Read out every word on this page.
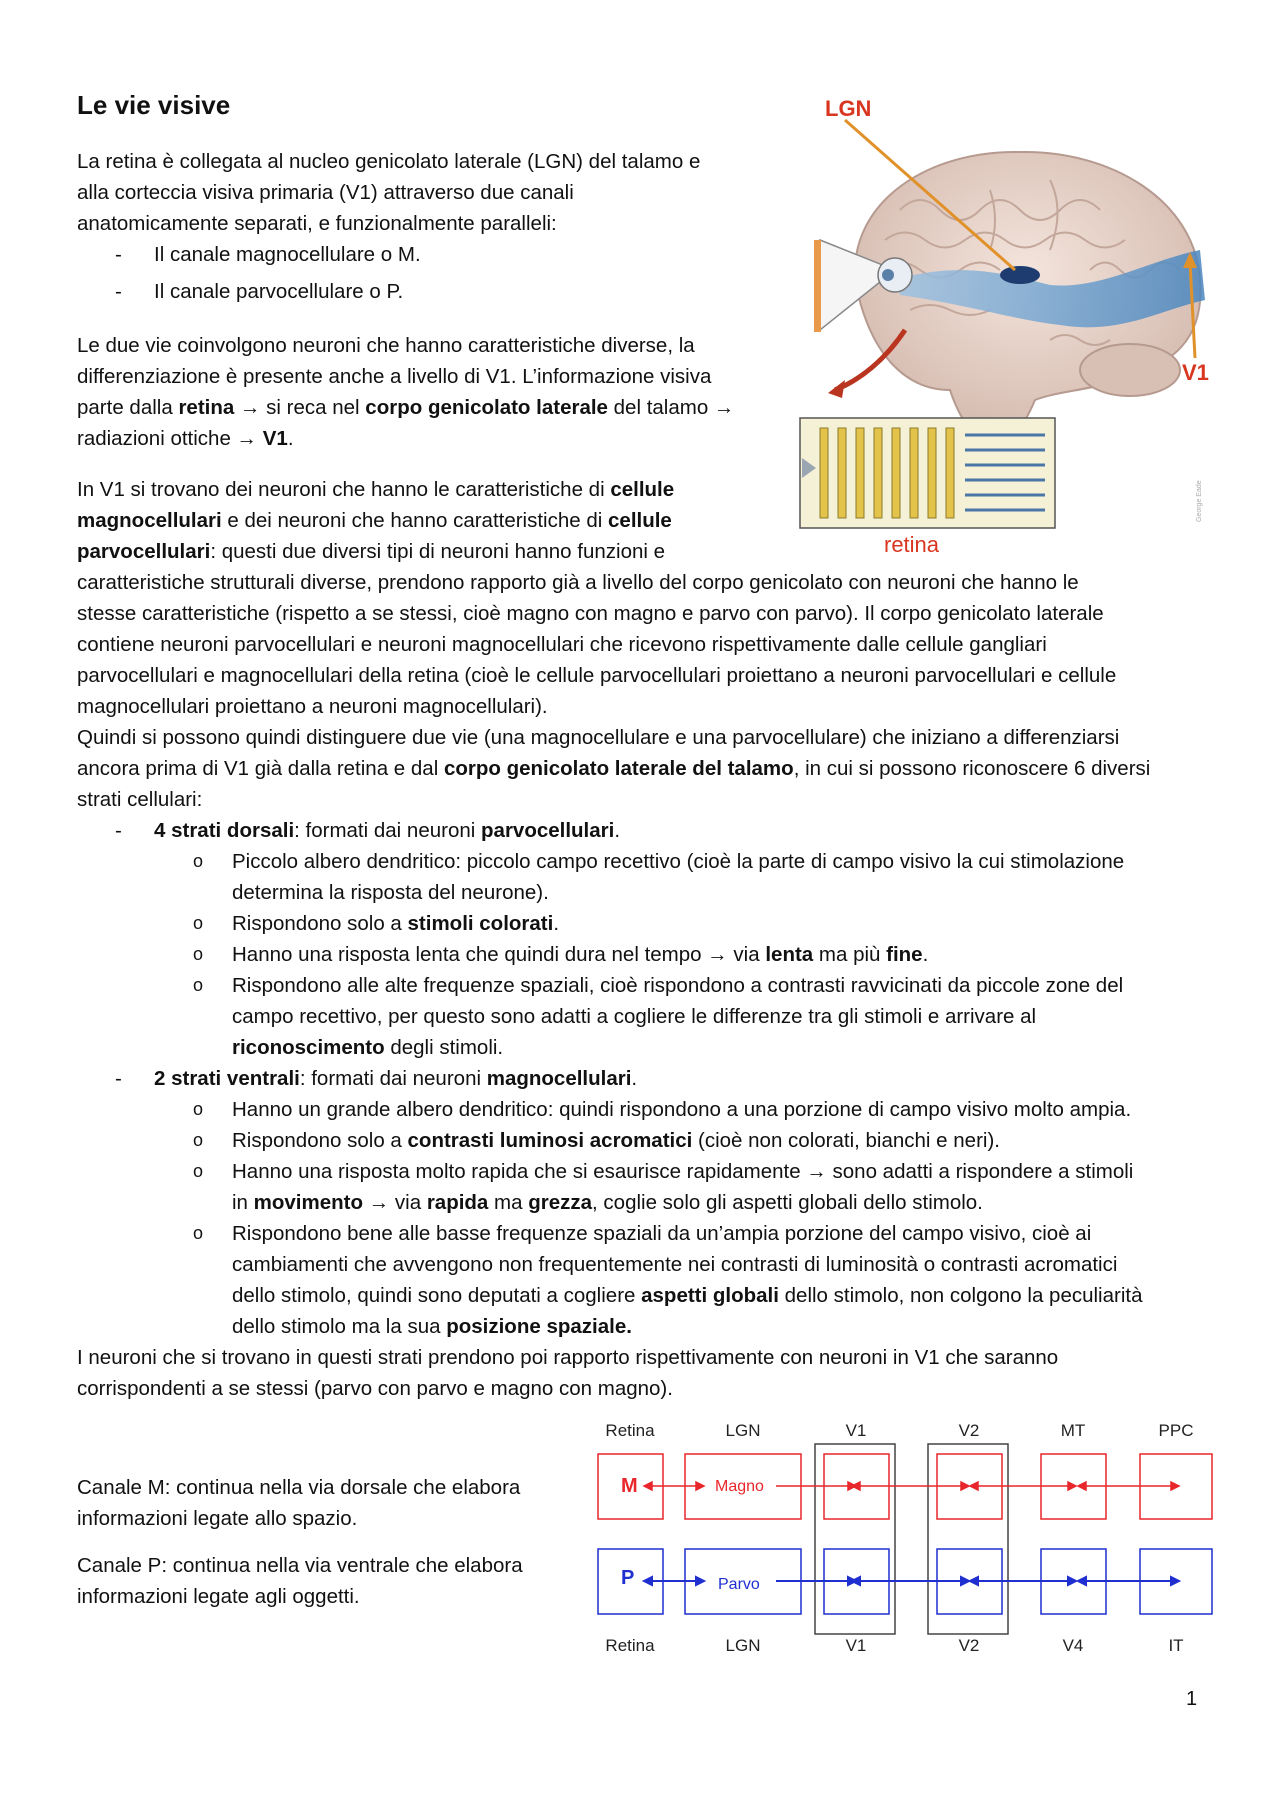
Le vie visive

La retina è collegata al nucleo genicolato laterale (LGN) del talamo e

alla corteccia visiva primaria (V1) attraverso due canali

anatomicamente separati, e funzionalmente paralleli:

- Il canale magnocellulare o M.
- Il canale parvocellulare o P.

Le due vie coinvolgono neuroni che hanno caratteristiche diverse, la

differenziazione è presente anche a livello di V1. L’informazione visiva

parte dalla retina → si reca nel corpo genicolato laterale del talamo →

radiazioni ottiche → V1.

In V1 si trovano dei neuroni che hanno le caratteristiche di cellule

magnocellulari e dei neuroni che hanno caratteristiche di cellule

parvocellulari: questi due diversi tipi di neuroni hanno funzioni e

caratteristiche strutturali diverse, prendono rapporto già a livello del corpo genicolato con neuroni che hanno le

stesse caratteristiche (rispetto a se stessi, cioè magno con magno e parvo con parvo). Il corpo genicolato laterale

contiene neuroni parvocellulari e neuroni magnocellulari che ricevono rispettivamente dalle cellule gangliari

parvocellulari e magnocellulari della retina (cioè le cellule parvocellulari proiettano a neuroni parvocellulari e cellule

magnocellulari proiettano a neuroni magnocellulari).

Quindi si possono quindi distinguere due vie (una magnocellulare e una parvocellulare) che iniziano a differenziarsi

ancora prima di V1 già dalla retina e dal corpo genicolato laterale del talamo, in cui si possono riconoscere 6 diversi

strati cellulari:

- 4 strati dorsali: formati dai neuroni parvocellulari.
o Piccolo albero dendritico: piccolo campo recettivo (cioè la parte di campo visivo la cui stimolazione
determina la risposta del neurone).
o Rispondono solo a stimoli colorati.
o Hanno una risposta lenta che quindi dura nel tempo → via lenta ma più fine.
o Rispondono alle alte frequenze spaziali, cioè rispondono a contrasti ravvicinati da piccole zone del
campo recettivo, per questo sono adatti a cogliere le differenze tra gli stimoli e arrivare al
riconoscimento degli stimoli.
- 2 strati ventrali: formati dai neuroni magnocellulari.
o Hanno un grande albero dendritico: quindi rispondono a una porzione di campo visivo molto ampia.
o Rispondono solo a contrasti luminosi acromatici (cioè non colorati, bianchi e neri).
o Hanno una risposta molto rapida che si esaurisce rapidamente → sono adatti a rispondere a stimoli
in movimento → via rapida ma grezza, coglie solo gli aspetti globali dello stimolo.
o Rispondono bene alle basse frequenze spaziali da un’ampia porzione del campo visivo, cioè ai
cambiamenti che avvengono non frequentemente nei contrasti di luminosità o contrasti acromatici
dello stimolo, quindi sono deputati a cogliere aspetti globali dello stimolo, non colgono la peculiarità
dello stimolo ma la sua posizione spaziale.

I neuroni che si trovano in questi strati prendono poi rapporto rispettivamente con neuroni in V1 che saranno

corrispondenti a se stessi (parvo con parvo e magno con magno).

Canale M: continua nella via dorsale che elabora

informazioni legate allo spazio.

Canale P: continua nella via ventrale che elabora

informazioni legate agli oggetti.

LGN
V1
retina
George Eade
Retina	LGN	V1	V2	MT	PPC
Retina	LGN	V1	V2	V4	IT
M	Magno
P	Parvo
1
